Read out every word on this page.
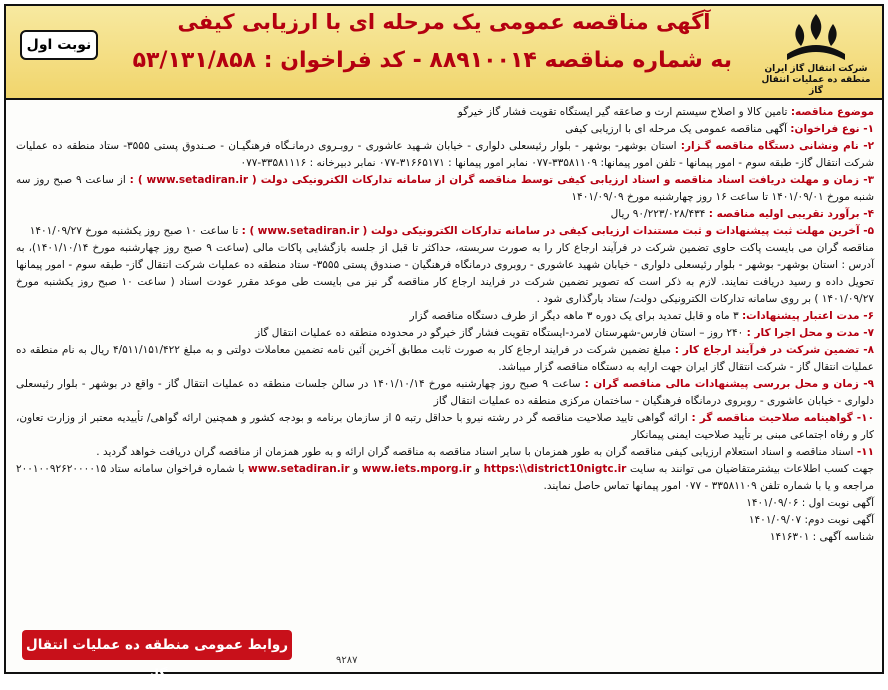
شرکت انتقال گاز ایران
منطقه ده عملیات انتقال گاز
آگهی مناقصه عمومی یک مرحله ای با ارزیابی کیفی
به شماره مناقصه ۸۸۹۱۰۰۱۴ - کد فراخوان : ۵۳/۱۳۱/۸۵۸
نوبت اول

موضوع مناقصه: تامین کالا و اصلاح سیستم ارت و صاعقه گیر ایستگاه تقویت فشار گاز خیرگو

۱- نوع فراخوان: آگهی مناقصه عمومی یک مرحله ای با ارزیابی کیفی

۲- نام ونشانی دستگاه مناقصه گـزار: استان بوشهر- بوشهر - بلوار رئیسعلی دلواری - خیابان شـهید عاشوری - روبـروی درمانـگاه فرهنگیـان - صـندوق پستی ۳۵۵۵- ستاد منطقه ده عملیات شرکت انتقال گاز- طبقه سوم - امور پیمانها - تلفن امور پیمانها: ۳۳۵۸۱۱۰۹-۰۷۷ نمابر امور پیمانها : ۳۱۶۶۵۱۷۱-۰۷۷ نمابر دبیرخانه : ۳۳۵۸۱۱۱۶-۰۷۷

۳- زمان و مهلت دریافت اسناد مناقصه و اسناد ارزیابی کیفی توسط مناقصه گران از سامانه تدارکات الکترونیکی دولت ( www.setadiran.ir ) : از ساعت ۹ صبح روز سه شنبه مورخ ۱۴۰۱/۰۹/۰۱ تا ساعت ۱۶ روز چهارشنبه مورخ ۱۴۰۱/۰۹/۰۹

۴- برآورد تقریبی اولیه مناقصه : ۹۰/۲۲۳/۰۲۸/۴۳۴ ریال

۵- آخرین مهلت ثبت پیشنهادات و ثبت مستندات ارزیابی کیفی در سامانه تدارکات الکترونیکی دولت ( www.setadiran.ir ) : تا ساعت ۱۰ صبح روز یکشنبه مورخ ۱۴۰۱/۰۹/۲۷

مناقصه گران می بایست پاکت حاوی تضمین شرکت در فرآیند ارجاع کار را به صورت سربسته، حداکثر تا قبل از جلسه بازگشایی پاکات مالی (ساعت ۹ صبح روز چهارشنبه مورخ ۱۴۰۱/۱۰/۱۴)، به آدرس : استان بوشهر- بوشهر - بلوار رئیسعلی دلواری - خیابان شهید عاشوری - روبروی درمانگاه فرهنگیان - صندوق پستی ۳۵۵۵- ستاد منطقه ده عملیات شرکت انتقال گاز- طبقه سوم - امور پیمانها تحویل داده و رسید دریافت نمایند. لازم به ذکر است که تصویر تضمین شرکت در فرایند ارجاع کار مناقصه گر نیز می بایست طی موعد مقرر عودت اسناد ( ساعت ۱۰ صبح روز یکشنبه مورخ ۱۴۰۱/۰۹/۲۷ ) بر روی سامانه تدارکات الکترونیکی دولت/ ستاد بارگذاری شود .

۶- مدت اعتبار پیشنهادات: ۳ ماه و قابل تمدید برای یک دوره ۳ ماهه دیگر از طرف دستگاه مناقصه گزار

۷- مدت و محل اجرا کار : ۲۴۰ روز – استان فارس-شهرستان لامرد-ایستگاه تقویت فشار گاز خیرگو در محدوده منطقه ده عملیات انتقال گاز

۸- تضمین شرکت در فرآیند ارجاع کار : مبلغ تضمین شرکت در فرایند ارجاع کار به صورت ثابت مطابق آخرین آئین نامه تضمین معاملات دولتی و به مبلغ ۴/۵۱۱/۱۵۱/۴۲۲ ریال به نام منطقه ده عملیات انتقال گاز - شرکت انتقال گاز ایران جهت ارایه به دستگاه مناقصه گزار میباشد.

۹- زمان و محل بررسی پیشنهادات مالی مناقصه گران : ساعت ۹ صبح روز چهارشنبه مورخ ۱۴۰۱/۱۰/۱۴ در سالن جلسات منطقه ده عملیات انتقال گاز - واقع در بوشهر - بلوار رئیسعلی دلواری - خیابان عاشوری - روبروی درمانگاه فرهنگیان - ساختمان مرکزی منطقه ده عملیات انتقال گاز

۱۰- گواهینامه صلاحیت مناقصه گر : ارائه گواهی تایید صلاحیت مناقصه گر در رشته نیرو با حداقل رتبه ۵ از سازمان برنامه و بودجه کشور و همچنین ارائه گواهی/ تأییدیه معتبر از وزارت تعاون، کار و رفاه اجتماعی مبنی بر تأیید صلاحیت ایمنی پیمانکار

۱۱- اسناد مناقصه و اسناد استعلام ارزیابی کیفی مناقصه گران به طور همزمان با سایر اسناد مناقصه به مناقصه گران ارائه و به طور همزمان از مناقصه گران دریافت خواهد گردید .

جهت کسب اطلاعات بیشترمتقاضیان می توانند به سایت https:\\district10nigtc.ir و www.iets.mporg.ir و www.setadiran.ir با شماره فراخوان سامانه ستاد ۲۰۰۱۰۰۹۲۶۲۰۰۰۰۱۵ مراجعه و یا با شماره تلفن ۳۳۵۸۱۱۰۹ - ۰۷۷ امور پیمانها تماس حاصل نمایند.

آگهی نوبت اول : ۱۴۰۱/۰۹/۰۶

آگهی نوبت دوم: ۱۴۰۱/۰۹/۰۷

شناسه آگهی : ۱۴۱۶۳۰۱

روابط عمومی منطقه ده عملیات انتقال گاز
۹۲۸۷
